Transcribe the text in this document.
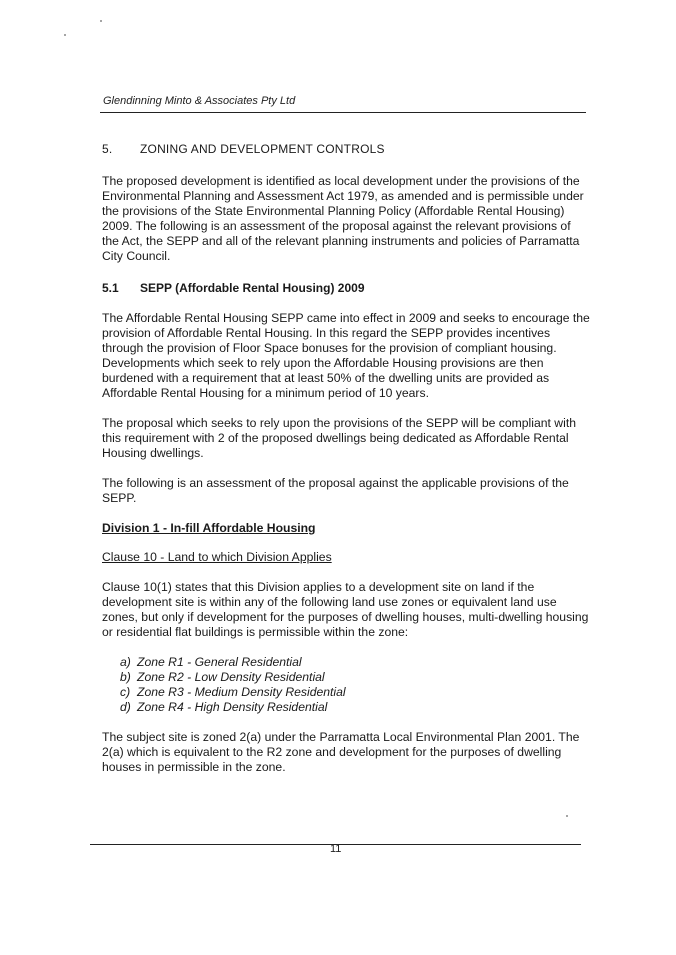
Glendinning Minto & Associates Pty Ltd
5.	ZONING AND DEVELOPMENT CONTROLS

The proposed development is identified as local development under the provisions of the Environmental Planning and Assessment Act 1979, as amended and is permissible under the provisions of the State Environmental Planning Policy (Affordable Rental Housing) 2009. The following is an assessment of the proposal against the relevant provisions of the Act, the SEPP and all of the relevant planning instruments and policies of Parramatta City Council.

5.1	SEPP (Affordable Rental Housing) 2009

The Affordable Rental Housing SEPP came into effect in 2009 and seeks to encourage the provision of Affordable Rental Housing. In this regard the SEPP provides incentives through the provision of Floor Space bonuses for the provision of compliant housing. Developments which seek to rely upon the Affordable Housing provisions are then burdened with a requirement that at least 50% of the dwelling units are provided as Affordable Rental Housing for a minimum period of 10 years.

The proposal which seeks to rely upon the provisions of the SEPP will be compliant with this requirement with 2 of the proposed dwellings being dedicated as Affordable Rental Housing dwellings.

The following is an assessment of the proposal against the applicable provisions of the SEPP.

Division 1 - In-fill Affordable Housing
Clause 10 - Land to which Division Applies

Clause 10(1) states that this Division applies to a development site on land if the development site is within any of the following land use zones or equivalent land use zones, but only if development for the purposes of dwelling houses, multi-dwelling housing or residential flat buildings is permissible within the zone:

a) Zone R1 - General Residential
b) Zone R2 - Low Density Residential
c) Zone R3 - Medium Density Residential
d) Zone R4 - High Density Residential

The subject site is zoned 2(a) under the Parramatta Local Environmental Plan 2001. The 2(a) which is equivalent to the R2 zone and development for the purposes of dwelling houses in permissible in the zone.

11
